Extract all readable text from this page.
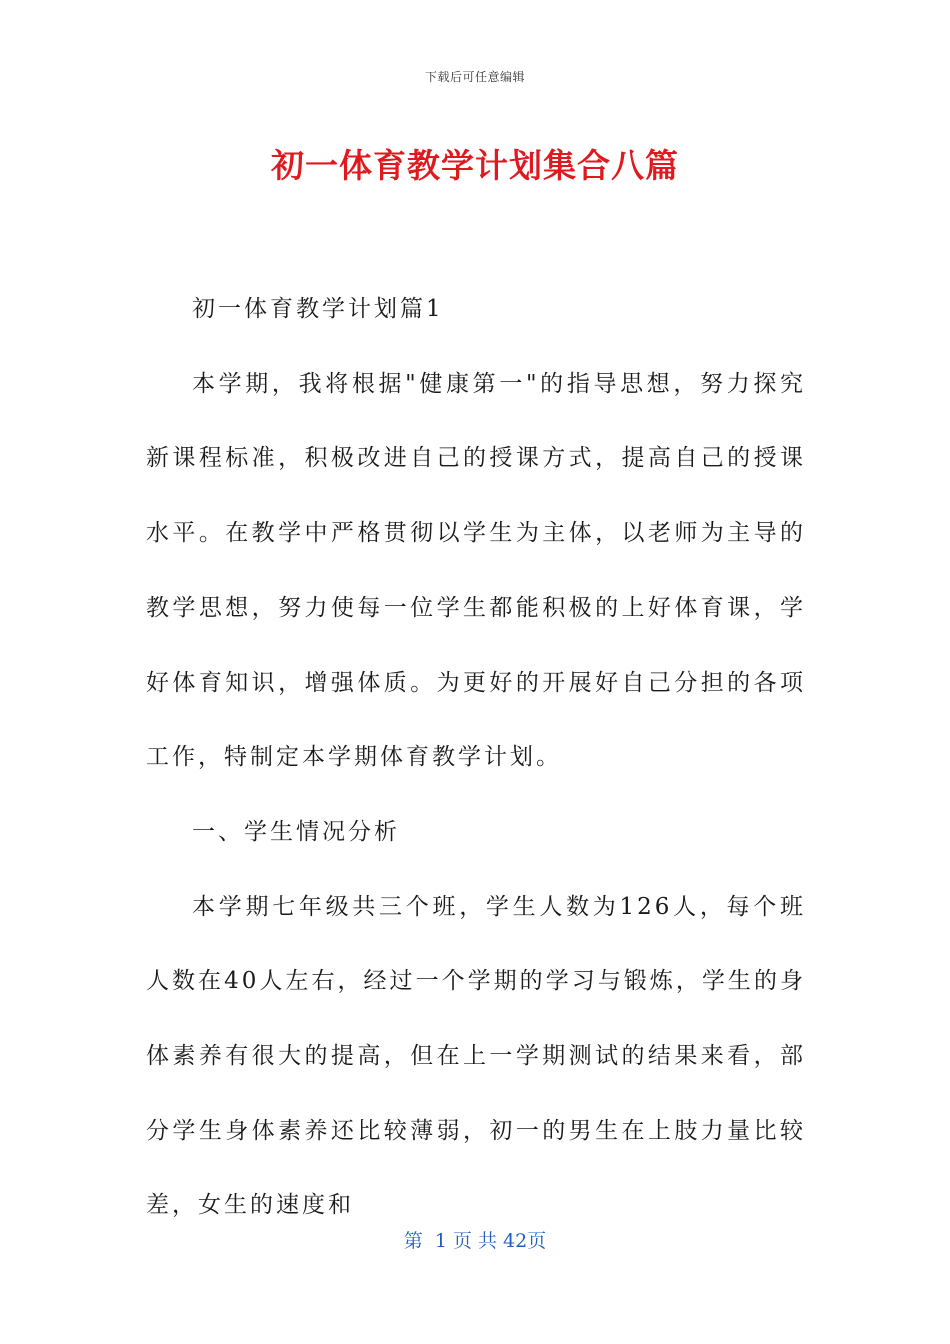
下载后可任意编辑
初一体育教学计划集合八篇

初一体育教学计划篇1

本学期，我将根据"健康第一"的指导思想，努力探究新课程标准，积极改进自己的授课方式，提高自己的授课水平。在教学中严格贯彻以学生为主体，以老师为主导的教学思想，努力使每一位学生都能积极的上好体育课，学好体育知识，增强体质。为更好的开展好自己分担的各项工作，特制定本学期体育教学计划。

一、学生情况分析

本学期七年级共三个班，学生人数为126人，每个班人数在40人左右，经过一个学期的学习与锻炼，学生的身体素养有很大的提高，但在上一学期测试的结果来看，部分学生身体素养还比较薄弱，初一的男生在上肢力量比较差，女生的速度和

第  1 页 共 42页
